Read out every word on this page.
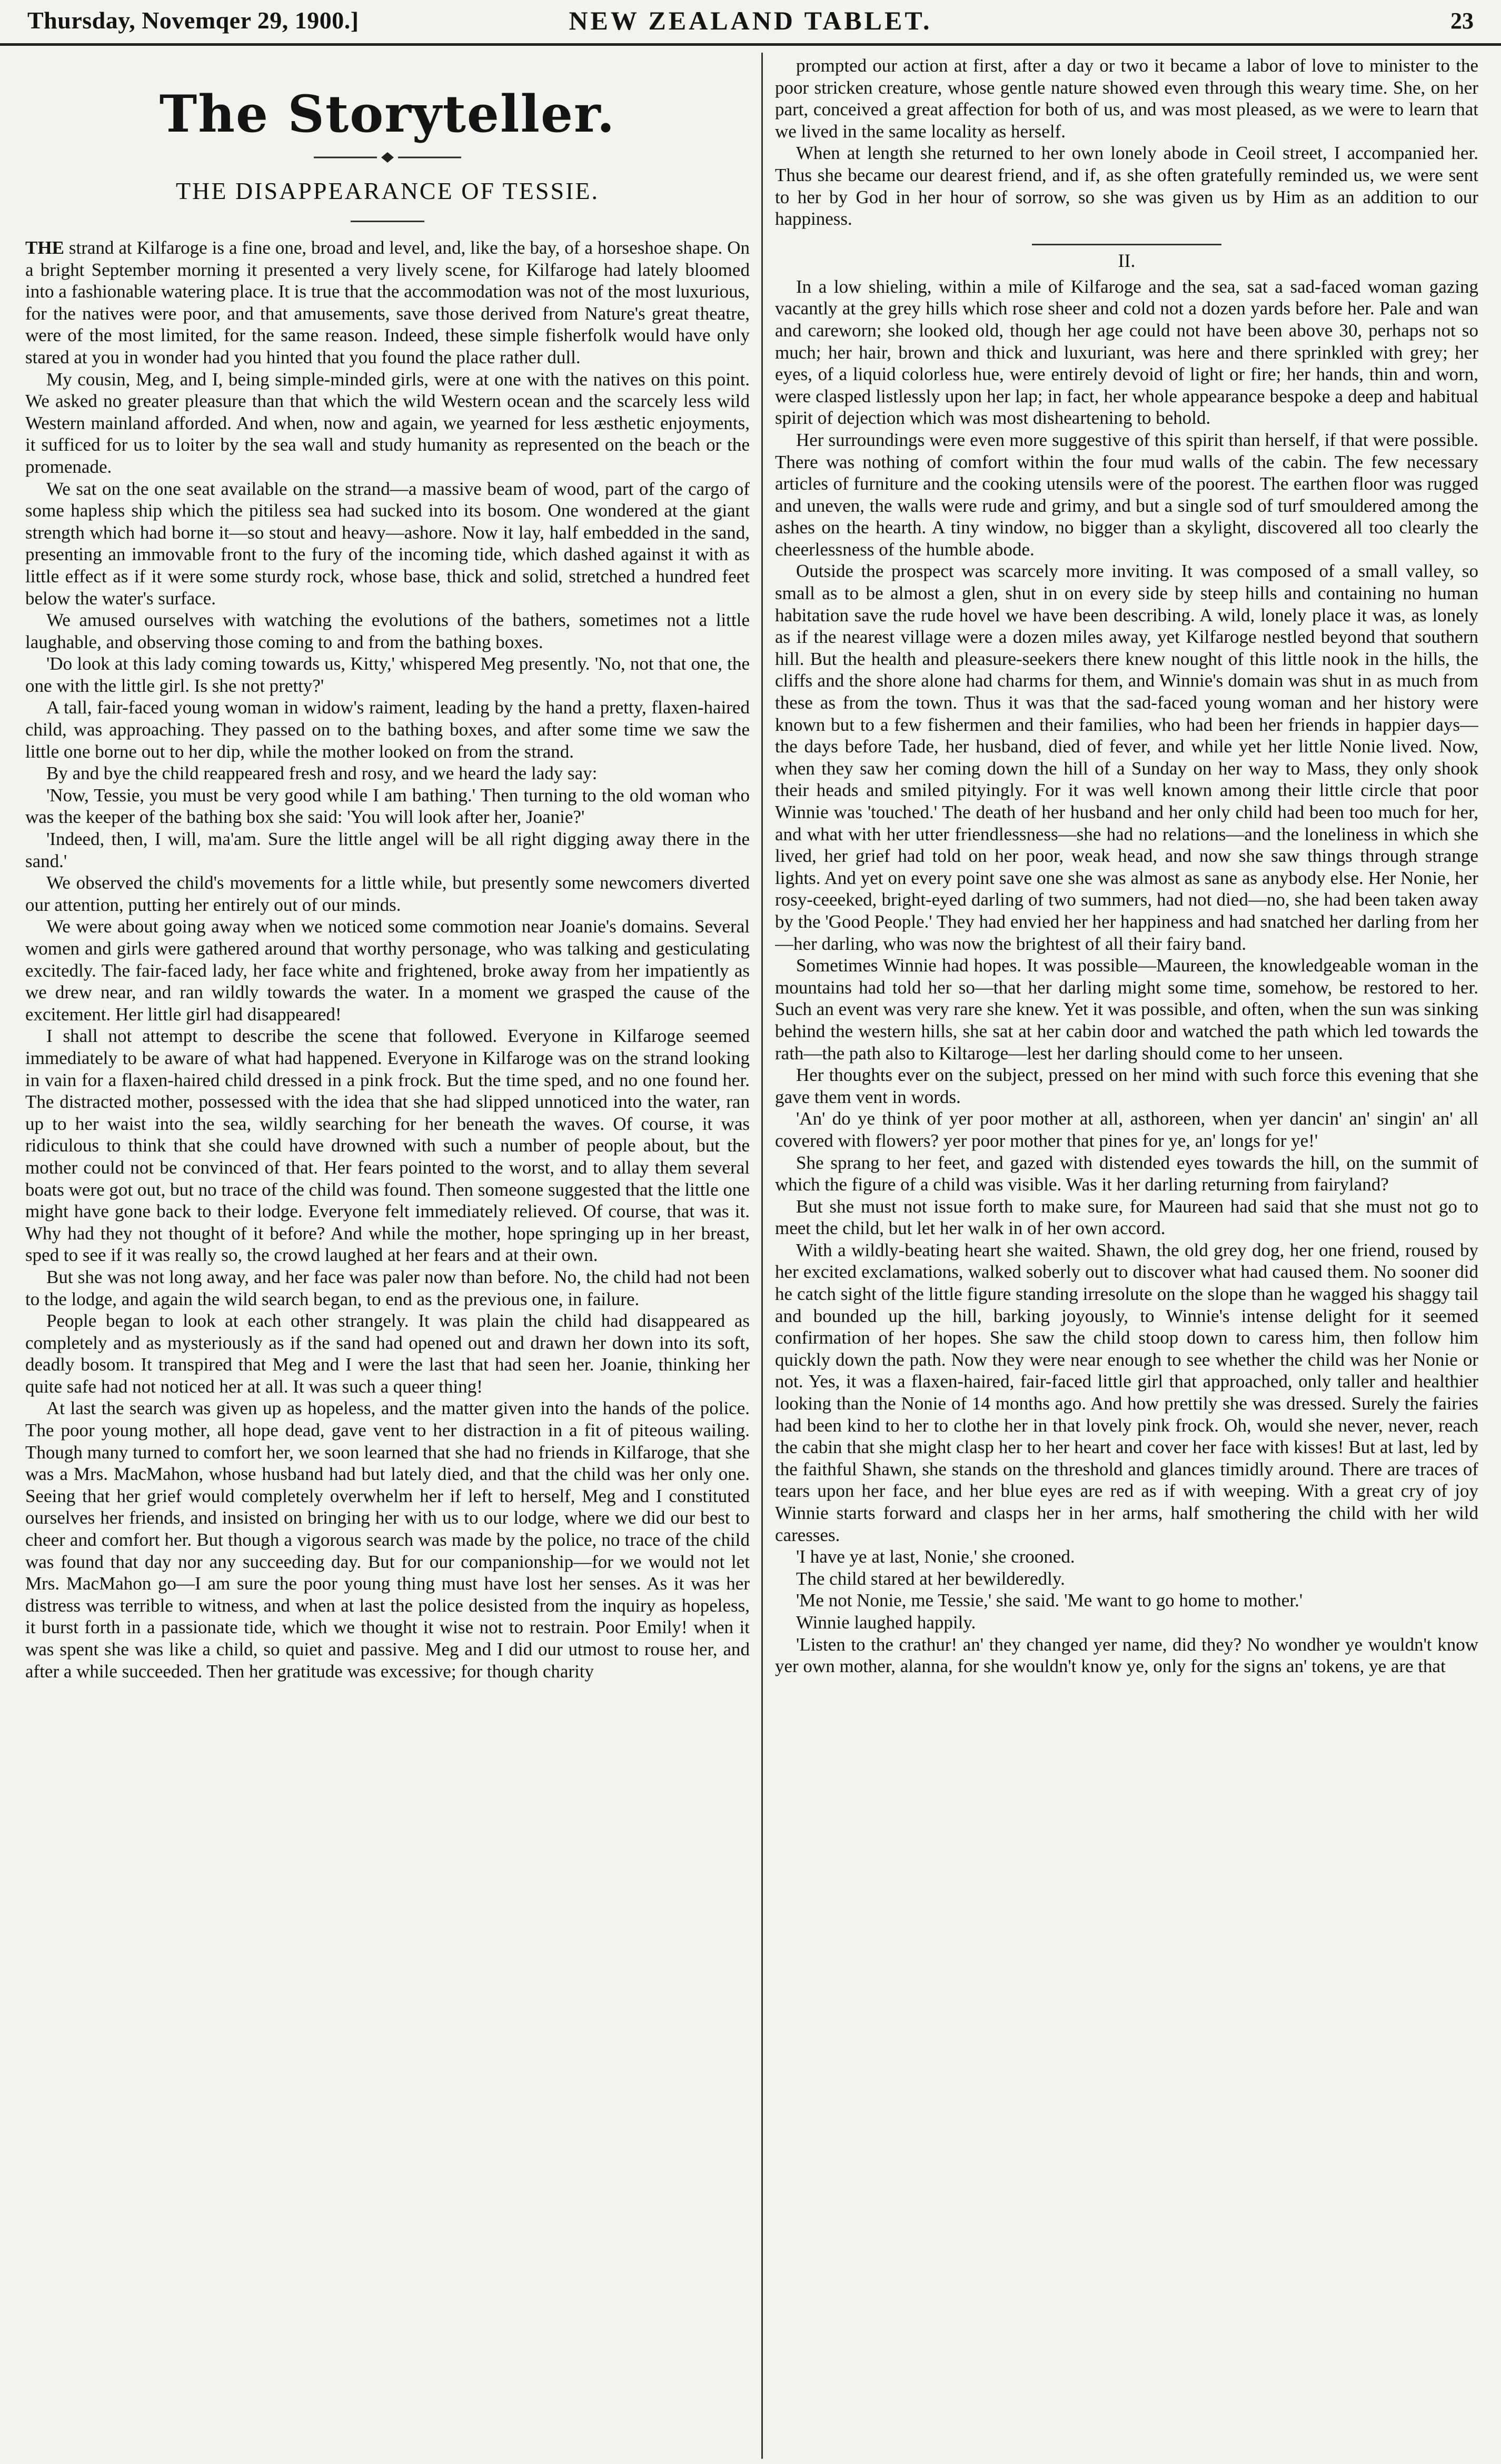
Thursday, Novemqer 29, 1900.]	NEW ZEALAND TABLET.	23
The Storyteller.
THE DISAPPEARANCE OF TESSIE.

THE strand at Kilfaroge is a fine one, broad and level, and, like the bay, of a horseshoe shape. On a bright September morning it presented a very lively scene, for Kilfaroge had lately bloomed into a fashionable watering place. It is true that the accommodation was not of the most luxurious, for the natives were poor, and that amusements, save those derived from Nature's great theatre, were of the most limited, for the same reason. Indeed, these simple fisherfolk would have only stared at you in wonder had you hinted that you found the place rather dull.

My cousin, Meg, and I, being simple-minded girls, were at one with the natives on this point. We asked no greater pleasure than that which the wild Western ocean and the scarcely less wild Western mainland afforded. And when, now and again, we yearned for less æsthetic enjoyments, it sufficed for us to loiter by the sea wall and study humanity as represented on the beach or the promenade.

We sat on the one seat available on the strand—a massive beam of wood, part of the cargo of some hapless ship which the pitiless sea had sucked into its bosom. One wondered at the giant strength which had borne it—so stout and heavy—ashore. Now it lay, half embedded in the sand, presenting an immovable front to the fury of the incoming tide, which dashed against it with as little effect as if it were some sturdy rock, whose base, thick and solid, stretched a hundred feet below the water's surface.

We amused ourselves with watching the evolutions of the bathers, sometimes not a little laughable, and observing those coming to and from the bathing boxes.

'Do look at this lady coming towards us, Kitty,' whispered Meg presently. 'No, not that one, the one with the little girl. Is she not pretty?'

A tall, fair-faced young woman in widow's raiment, leading by the hand a pretty, flaxen-haired child, was approaching. They passed on to the bathing boxes, and after some time we saw the little one borne out to her dip, while the mother looked on from the strand.

By and bye the child reappeared fresh and rosy, and we heard the lady say:

'Now, Tessie, you must be very good while I am bathing.' Then turning to the old woman who was the keeper of the bathing box she said: 'You will look after her, Joanie?'

'Indeed, then, I will, ma'am. Sure the little angel will be all right digging away there in the sand.'

We observed the child's movements for a little while, but presently some newcomers diverted our attention, putting her entirely out of our minds.

We were about going away when we noticed some commotion near Joanie's domains. Several women and girls were gathered around that worthy personage, who was talking and gesticulating excitedly. The fair-faced lady, her face white and frightened, broke away from her impatiently as we drew near, and ran wildly towards the water. In a moment we grasped the cause of the excitement. Her little girl had disappeared!

I shall not attempt to describe the scene that followed. Everyone in Kilfaroge seemed immediately to be aware of what had happened. Everyone in Kilfaroge was on the strand looking in vain for a flaxen-haired child dressed in a pink frock. But the time sped, and no one found her. The distracted mother, possessed with the idea that she had slipped unnoticed into the water, ran up to her waist into the sea, wildly searching for her beneath the waves. Of course, it was ridiculous to think that she could have drowned with such a number of people about, but the mother could not be convinced of that. Her fears pointed to the worst, and to allay them several boats were got out, but no trace of the child was found. Then someone suggested that the little one might have gone back to their lodge. Everyone felt immediately relieved. Of course, that was it. Why had they not thought of it before? And while the mother, hope springing up in her breast, sped to see if it was really so, the crowd laughed at her fears and at their own.

But she was not long away, and her face was paler now than before. No, the child had not been to the lodge, and again the wild search began, to end as the previous one, in failure.

People began to look at each other strangely. It was plain the child had disappeared as completely and as mysteriously as if the sand had opened out and drawn her down into its soft, deadly bosom. It transpired that Meg and I were the last that had seen her. Joanie, thinking her quite safe had not noticed her at all. It was such a queer thing!

At last the search was given up as hopeless, and the matter given into the hands of the police. The poor young mother, all hope dead, gave vent to her distraction in a fit of piteous wailing. Though many turned to comfort her, we soon learned that she had no friends in Kilfaroge, that she was a Mrs. MacMahon, whose husband had but lately died, and that the child was her only one. Seeing that her grief would completely overwhelm her if left to herself, Meg and I constituted ourselves her friends, and insisted on bringing her with us to our lodge, where we did our best to cheer and comfort her. But though a vigorous search was made by the police, no trace of the child was found that day nor any succeeding day. But for our companionship—for we would not let Mrs. MacMahon go—I am sure the poor young thing must have lost her senses. As it was her distress was terrible to witness, and when at last the police desisted from the inquiry as hopeless, it burst forth in a passionate tide, which we thought it wise not to restrain. Poor Emily! when it was spent she was like a child, so quiet and passive. Meg and I did our utmost to rouse her, and after a while succeeded. Then her gratitude was excessive; for though charity

prompted our action at first, after a day or two it became a labor of love to minister to the poor stricken creature, whose gentle nature showed even through this weary time. She, on her part, conceived a great affection for both of us, and was most pleased, as we were to learn that we lived in the same locality as herself.

When at length she returned to her own lonely abode in Ceoil street, I accompanied her. Thus she became our dearest friend, and if, as she often gratefully reminded us, we were sent to her by God in her hour of sorrow, so she was given us by Him as an addition to our happiness.

II.

In a low shieling, within a mile of Kilfaroge and the sea, sat a sad-faced woman gazing vacantly at the grey hills which rose sheer and cold not a dozen yards before her. Pale and wan and careworn; she looked old, though her age could not have been above 30, perhaps not so much; her hair, brown and thick and luxuriant, was here and there sprinkled with grey; her eyes, of a liquid colorless hue, were entirely devoid of light or fire; her hands, thin and worn, were clasped listlessly upon her lap; in fact, her whole appearance bespoke a deep and habitual spirit of dejection which was most disheartening to behold.

Her surroundings were even more suggestive of this spirit than herself, if that were possible. There was nothing of comfort within the four mud walls of the cabin. The few necessary articles of furniture and the cooking utensils were of the poorest. The earthen floor was rugged and uneven, the walls were rude and grimy, and but a single sod of turf smouldered among the ashes on the hearth. A tiny window, no bigger than a skylight, discovered all too clearly the cheerlessness of the humble abode.

Outside the prospect was scarcely more inviting. It was composed of a small valley, so small as to be almost a glen, shut in on every side by steep hills and containing no human habitation save the rude hovel we have been describing. A wild, lonely place it was, as lonely as if the nearest village were a dozen miles away, yet Kilfaroge nestled beyond that southern hill. But the health and pleasure-seekers there knew nought of this little nook in the hills, the cliffs and the shore alone had charms for them, and Winnie's domain was shut in as much from these as from the town. Thus it was that the sad-faced young woman and her history were known but to a few fishermen and their families, who had been her friends in happier days—the days before Tade, her husband, died of fever, and while yet her little Nonie lived. Now, when they saw her coming down the hill of a Sunday on her way to Mass, they only shook their heads and smiled pityingly. For it was well known among their little circle that poor Winnie was 'touched.' The death of her husband and her only child had been too much for her, and what with her utter friendlessness—she had no relations—and the loneliness in which she lived, her grief had told on her poor, weak head, and now she saw things through strange lights. And yet on every point save one she was almost as sane as anybody else. Her Nonie, her rosy-ceeeked, bright-eyed darling of two summers, had not died—no, she had been taken away by the 'Good People.' They had envied her her happiness and had snatched her darling from her—her darling, who was now the brightest of all their fairy band.

Sometimes Winnie had hopes. It was possible—Maureen, the knowledgeable woman in the mountains had told her so—that her darling might some time, somehow, be restored to her. Such an event was very rare she knew. Yet it was possible, and often, when the sun was sinking behind the western hills, she sat at her cabin door and watched the path which led towards the rath—the path also to Kiltaroge—lest her darling should come to her unseen.

Her thoughts ever on the subject, pressed on her mind with such force this evening that she gave them vent in words.

'An' do ye think of yer poor mother at all, asthoreen, when yer dancin' an' singin' an' all covered with flowers? yer poor mother that pines for ye, an' longs for ye!'

She sprang to her feet, and gazed with distended eyes towards the hill, on the summit of which the figure of a child was visible. Was it her darling returning from fairyland?

But she must not issue forth to make sure, for Maureen had said that she must not go to meet the child, but let her walk in of her own accord.

With a wildly-beating heart she waited. Shawn, the old grey dog, her one friend, roused by her excited exclamations, walked soberly out to discover what had caused them. No sooner did he catch sight of the little figure standing irresolute on the slope than he wagged his shaggy tail and bounded up the hill, barking joyously, to Winnie's intense delight for it seemed confirmation of her hopes. She saw the child stoop down to caress him, then follow him quickly down the path. Now they were near enough to see whether the child was her Nonie or not. Yes, it was a flaxen-haired, fair-faced little girl that approached, only taller and healthier looking than the Nonie of 14 months ago. And how prettily she was dressed. Surely the fairies had been kind to her to clothe her in that lovely pink frock. Oh, would she never, never, reach the cabin that she might clasp her to her heart and cover her face with kisses! But at last, led by the faithful Shawn, she stands on the threshold and glances timidly around. There are traces of tears upon her face, and her blue eyes are red as if with weeping. With a great cry of joy Winnie starts forward and clasps her in her arms, half smothering the child with her wild caresses.

'I have ye at last, Nonie,' she crooned.

The child stared at her bewilderedly.

'Me not Nonie, me Tessie,' she said. 'Me want to go home to mother.'

Winnie laughed happily.

'Listen to the crathur! an' they changed yer name, did they? No wondher ye wouldn't know yer own mother, alanna, for she wouldn't know ye, only for the signs an' tokens, ye are that
